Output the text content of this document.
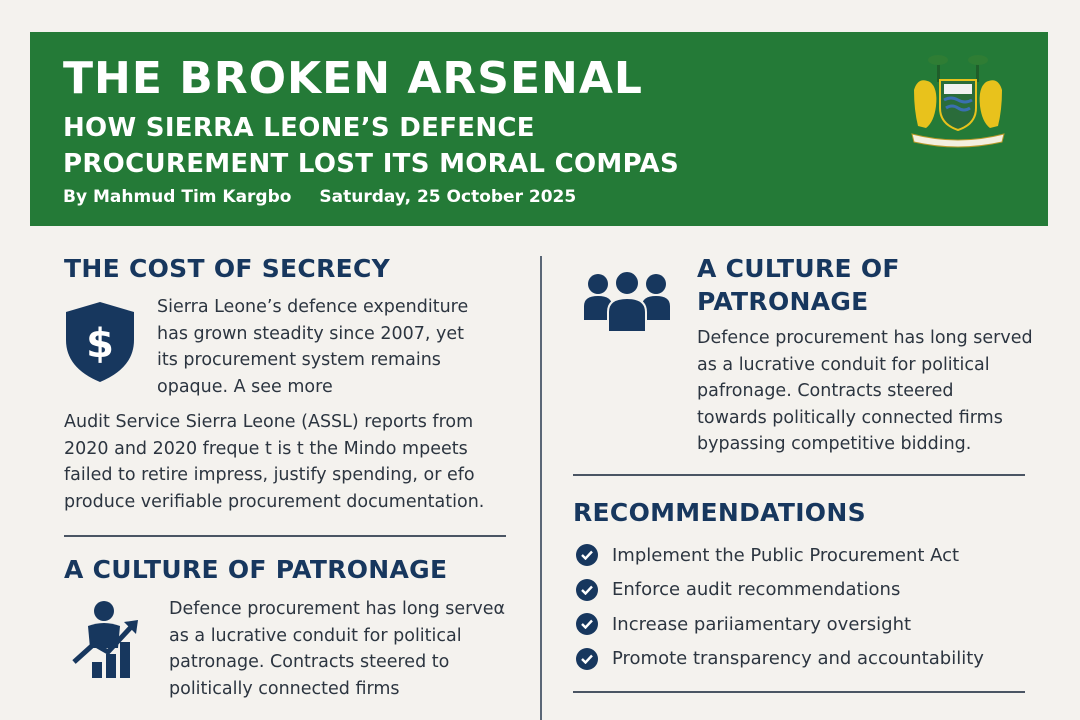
THE BROKEN ARSENAL
HOW SIERRA LEONE’S DEFENCE PROCUREMENT LOST ITS MORAL COMPAS
By Mahmud Tim Kargbo Saturday, 25 October 2025
THE COST OF SECRECY
$
Sierra Leone’s defence expenditure
has grown steadity since 2007, yet
its procurement system remains
opaque. A see more
Audit Service Sierra Leone (ASSL) reports from
2020 and 2020 freque t is t the Mindo mpeets
failed to retire impress, justify spending, or efo
produce verifiable procurement documentation.
A CULTURE OF PATRONAGE
Defence procurement has long serveα
as a lucrative conduit for political
patronage. Contracts steered to
politically connected firms
A CULTURE OF
PATRONAGE
Defence procurement has long served
as a lucrative conduit for political
pafronage. Contracts steered
towards politically connected firms
bypassing competitive bidding.
RECOMMENDATIONS
Implement the Public Procurement Act
Enforce audit recommendations
Increase pariiamentary oversight
Promote transparency and accountability
